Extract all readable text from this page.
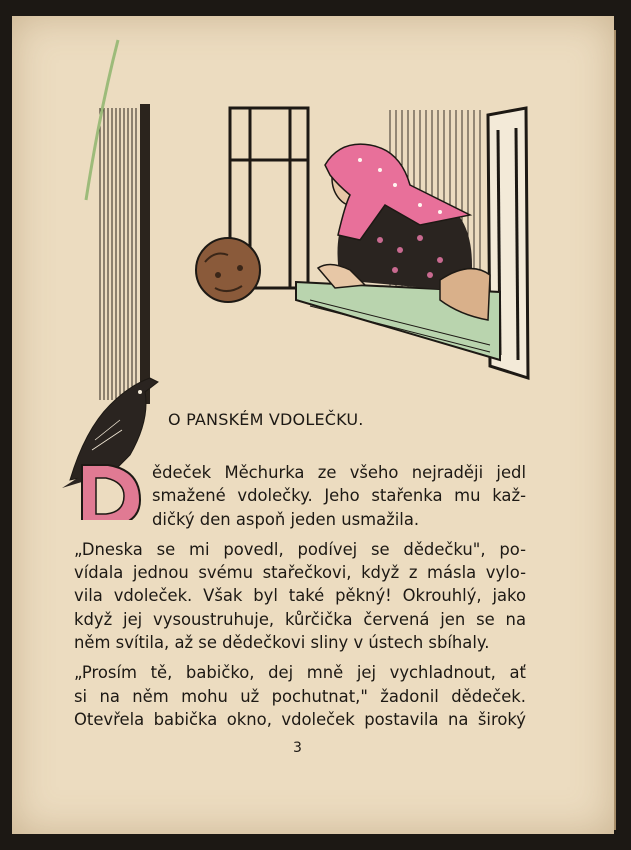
O PANSKÉM VDOLEČKU.
ědeček Měchurka ze všeho nejraději jedl
smažené vdolečky. Jeho stařenka mu kaž-
dičký den aspoň jeden usmažila.
„Dneska se mi povedl, podívej se dědečku", po-
vídala jednou svému stařečkovi, když z másla vylo-
vila vdoleček. Však byl také pěkný! Okrouhlý, jako
když jej vysoustruhuje, kůrčička červená jen se na
něm svítila, až se dědečkovi sliny v ústech sbíhaly.
„Prosím tě, babičko, dej mně jej vychladnout, ať
si na něm mohu už pochutnat," žadonil dědeček.
Otevřela babička okno, vdoleček postavila na široký
3
